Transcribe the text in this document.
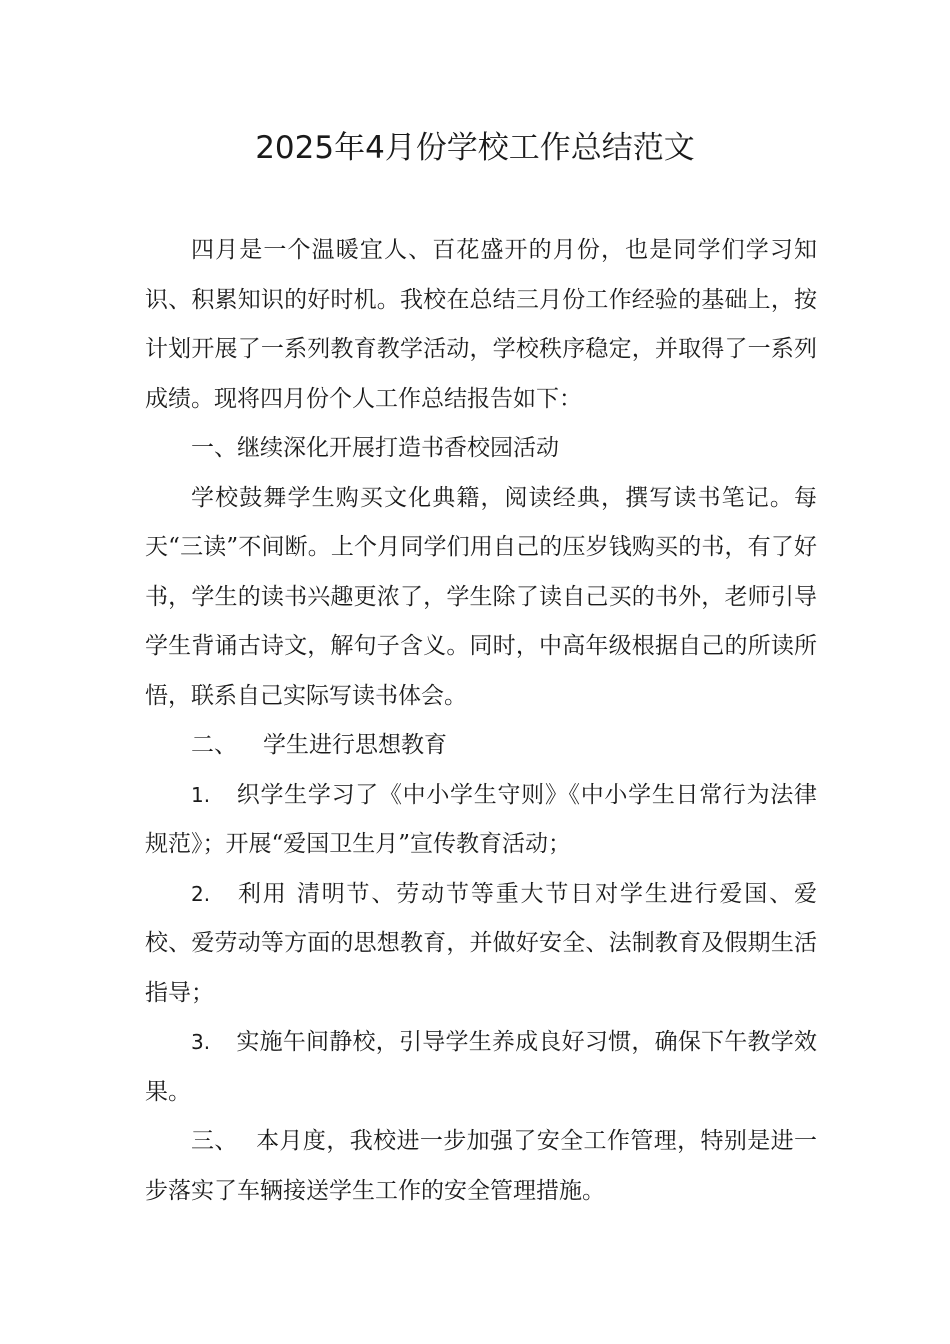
2025年4月份学校工作总结范文

四月是一个温暖宜人、百花盛开的月份，也是同学们学习知识、积累知识的好时机。我校在总结三月份工作经验的基础上，按计划开展了一系列教育教学活动，学校秩序稳定，并取得了一系列成绩。现将四月份个人工作总结报告如下：

一、继续深化开展打造书香校园活动

学校鼓舞学生购买文化典籍，阅读经典，撰写读书笔记。每天“三读”不间断。上个月同学们用自己的压岁钱购买的书，有了好书，学生的读书兴趣更浓了，学生除了读自己买的书外，老师引导学生背诵古诗文，解句子含义。同时，中高年级根据自己的所读所悟，联系自己实际写读书体会。

二、 学生进行思想教育

1. 织学生学习了《中小学生守则》《中小学生日常行为法律规范》；开展“爱国卫生月”宣传教育活动；

2. 利用 清明节、劳动节等重大节日对学生进行爱国、爱校、爱劳动等方面的思想教育，并做好安全、法制教育及假期生活指导；

3. 实施午间静校，引导学生养成良好习惯，确保下午教学效果。

三、 本月度，我校进一步加强了安全工作管理，特别是进一步落实了车辆接送学生工作的安全管理措施。
